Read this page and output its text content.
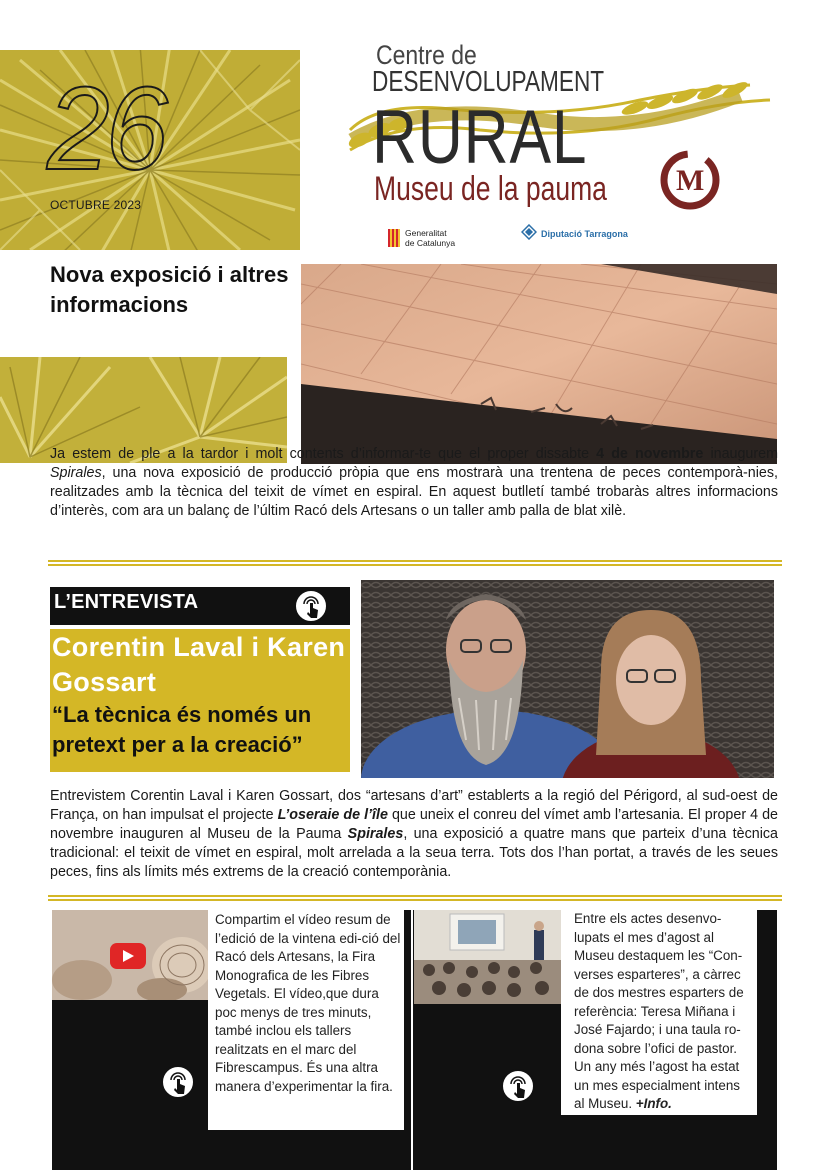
26
OCTUBRE 2023
M
Centre de
DESENVOLUPAMENT
RURAL
Museu de la pauma
Generalitat
de Catalunya
Diputació Tarragona
Nova exposició i altres informacions

Ja estem de ple a la tardor i molt contents d’informar-te que el proper dissabte 4 de novembre inaugurem Spirales, una nova exposició de producció pròpia que ens mostrarà una trentena de peces contemporà-nies, realitzades amb la tècnica del teixit de vímet en espiral. En aquest butlletí també trobaràs altres informacions d’interès, com ara un balanç de l’últim Racó dels Artesans o un taller amb palla de blat xilè.

L’ENTREVISTA
Corentin Laval i Karen Gossart
“La tècnica és només un pretext per a la creació”

Entrevistem Corentin Laval i Karen Gossart, dos “artesans d’art” establerts a la regió del Périgord, al sud-oest de França, on han impulsat el projecte L’oseraie de l’île que uneix el conreu del vímet amb l’artesania. El proper 4 de novembre inauguren al Museu de la Pauma Spirales, una exposició a quatre mans que parteix d’una tècnica tradicional: el teixit de vímet en espiral, molt arrelada a la seua terra. Tots dos l’han portat, a través de les seues peces, fins als límits més extrems de la creació contemporània.

Compartim el vídeo resum de l’edició de la vintena edi-ció del Racó dels Artesans, la Fira Monografica de les Fibres Vegetals. El vídeo,que dura poc menys de tres minuts, també inclou els tallers realitzats en el marc del Fibrescampus. És una altra manera d’experimentar la fira.
Entre els actes desenvo-lupats el mes d’agost al Museu destaquem les “Con-verses esparteres”, a càrrec de dos mestres esparters de referència: Teresa Miñana i José Fajardo; i una taula ro-dona sobre l’ofici de pastor. Un any més l’agost ha estat un mes especialment intens al Museu. +Info.
